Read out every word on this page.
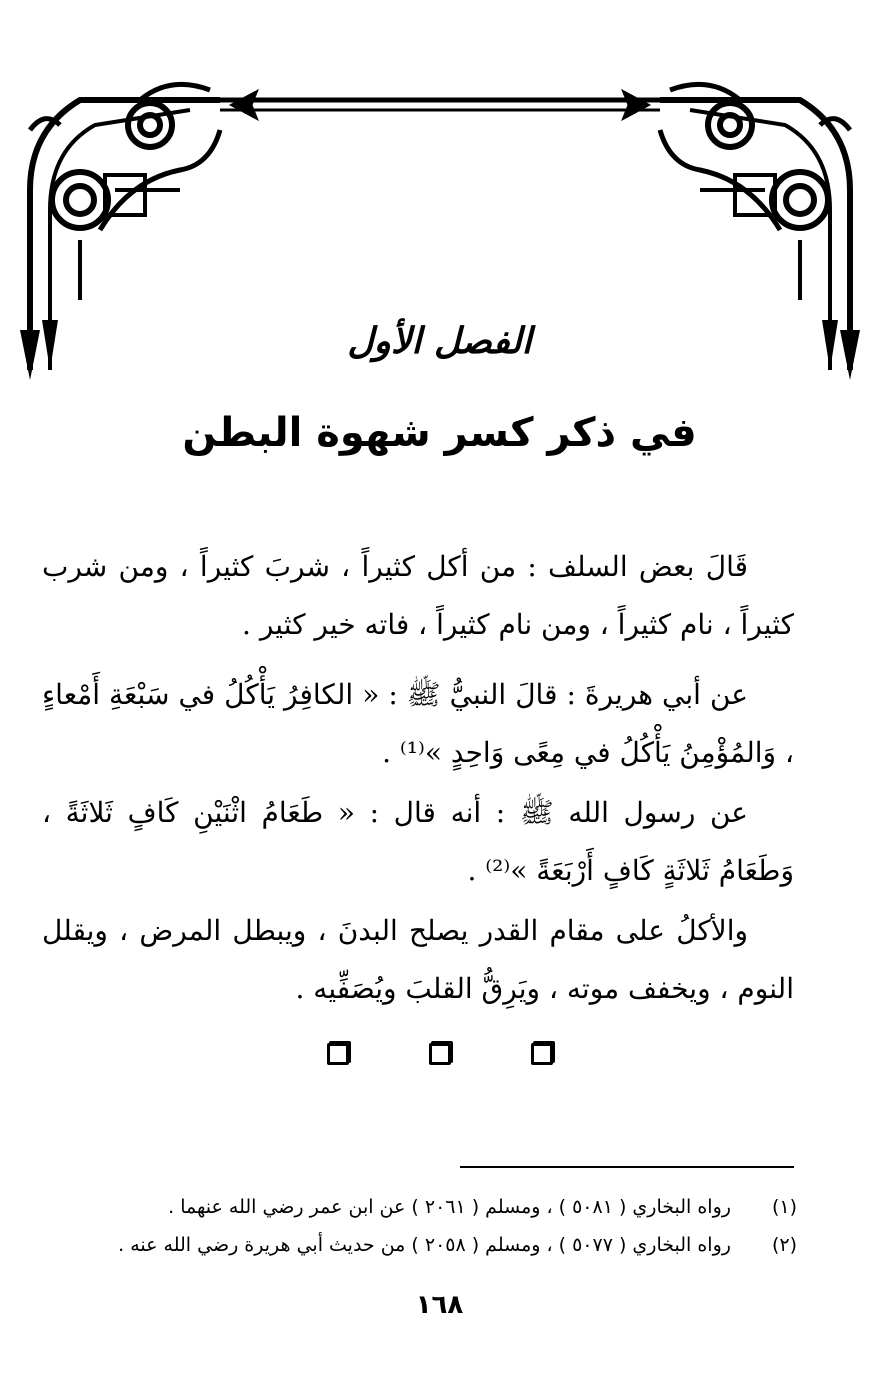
الفصل الأول
في ذكر كسر شهوة البطن

قَالَ بعض السلف : من أكل كثيراً ، شربَ كثيراً ، ومن شرب كثيراً ، نام كثيراً ، ومن نام كثيراً ، فاته خير كثير .

عن أبي هريرةَ : قالَ النبيُّ ﷺ : « الكافِرُ يَأْكُلُ في سَبْعَةِ أَمْعاءٍ ، وَالمُؤْمِنُ يَأْكُلُ في مِعًى وَاحِدٍ »⁽¹⁾ .

عن رسول الله ﷺ : أنه قال : « طَعَامُ اثْنَيْنِ كَافٍ ثَلاثَةً ، وَطَعَامُ ثَلاثَةٍ كَافٍ أَرْبَعَةً »⁽²⁾ .

والأكلُ على مقام القدر يصلح البدنَ ، ويبطل المرض ، ويقلل النوم ، ويخفف موته ، ويَرِقُّ القلبَ ويُصَفِّيه .

(١) رواه البخاري ( ٥٠٨١ ) ، ومسلم ( ٢٠٦١ ) عن ابن عمر رضي الله عنهما .
(٢) رواه البخاري ( ٥٠٧٧ ) ، ومسلم ( ٢٠٥٨ ) من حديث أبي هريرة رضي الله عنه .
١٦٨
